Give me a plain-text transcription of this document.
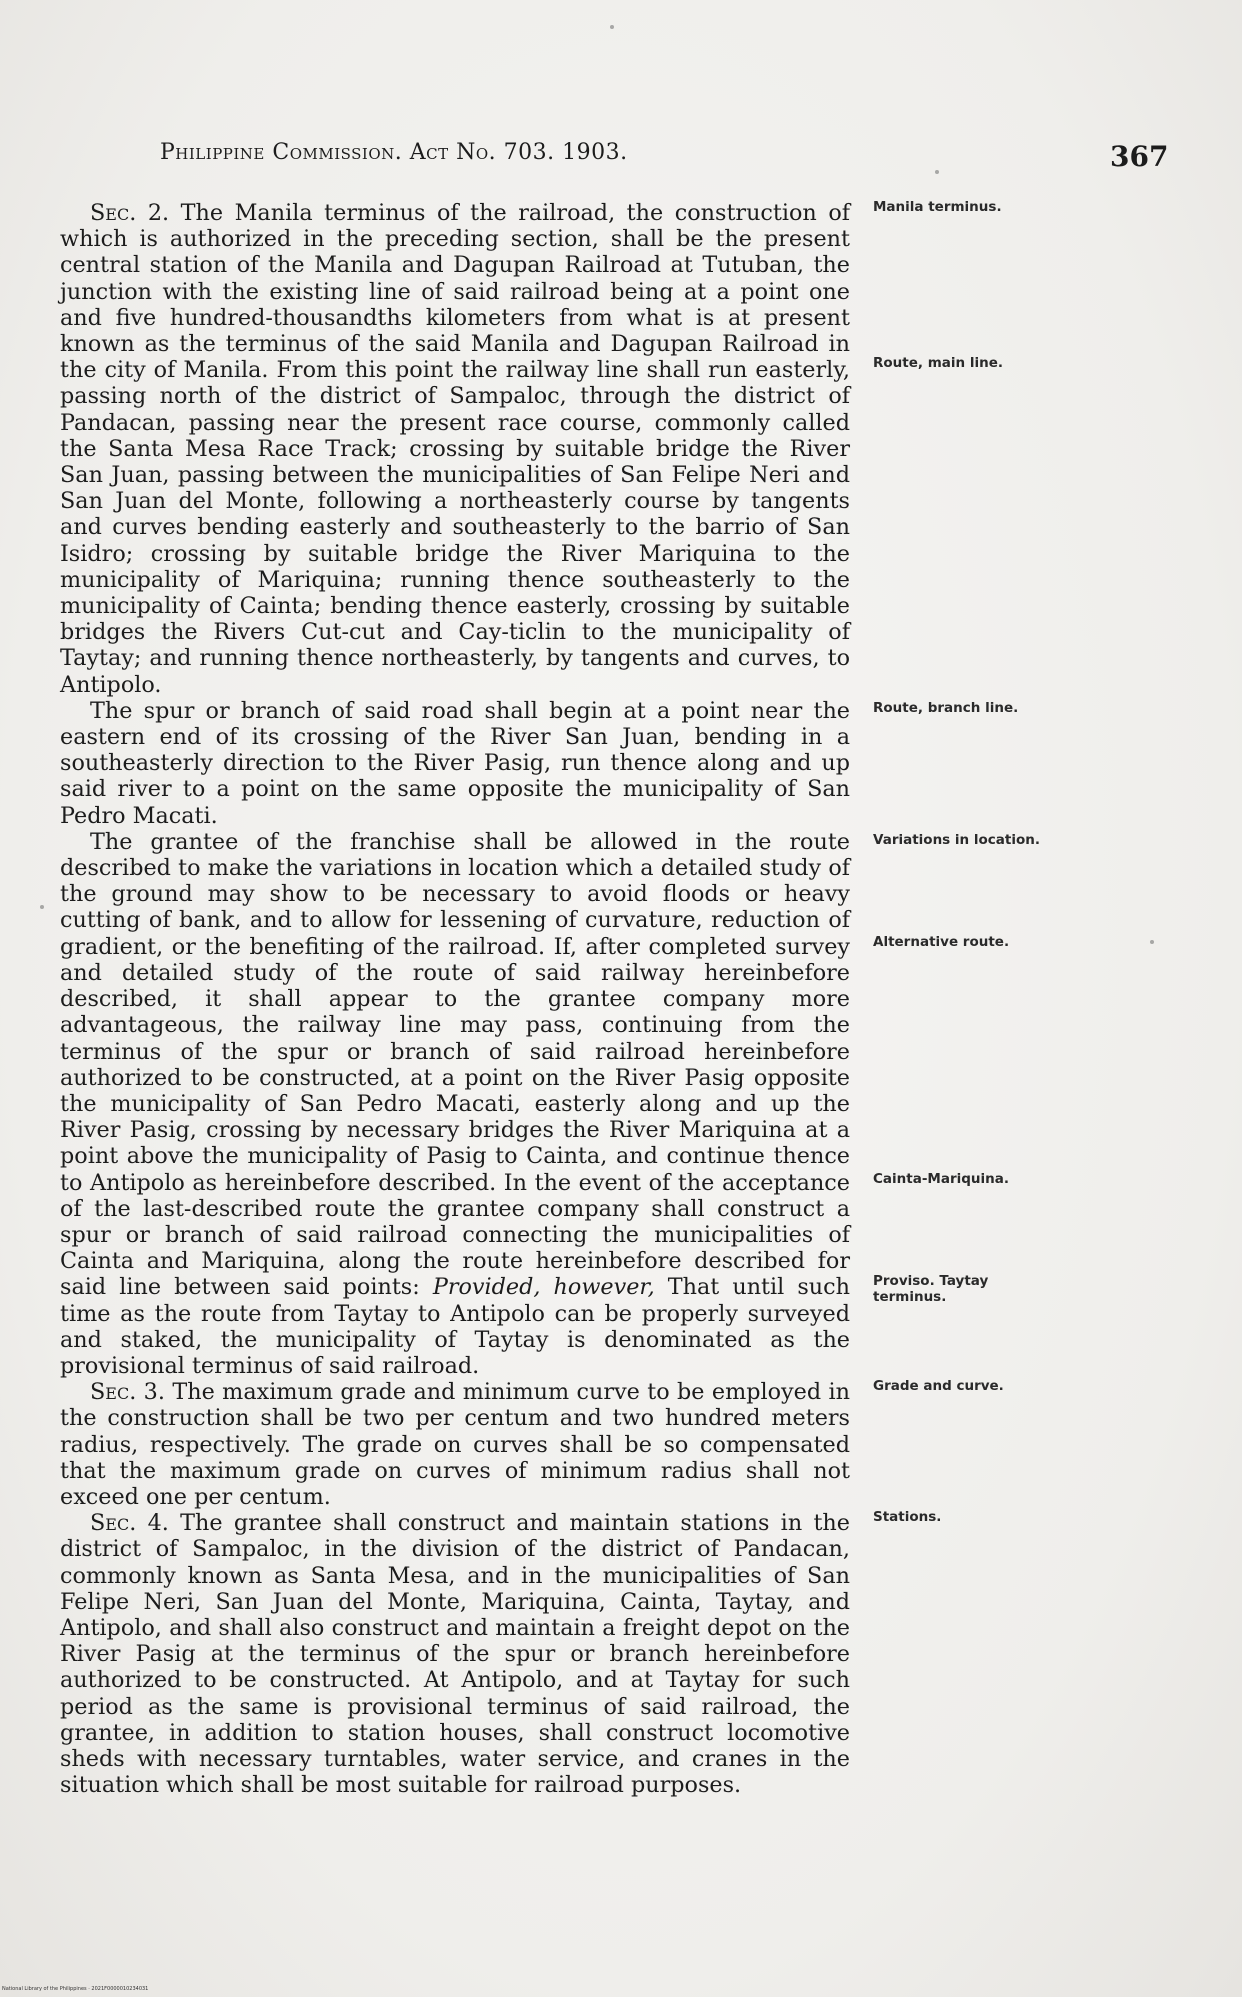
Philippine Commission. Act No. 703. 1903.	367

Sec. 2. The Manila terminus of the railroad, the construction of which is authorized in the preceding section, shall be the present central station of the Manila and Dagupan Railroad at Tutuban, the junction with the existing line of said railroad being at a point one and five hundred-thousandths kilometers from what is at present known as the terminus of the said Manila and Dagupan Railroad in the city of Manila. From this point the railway line shall run easterly, passing north of the district of Sampaloc, through the district of Pandacan, passing near the present race course, commonly called the Santa Mesa Race Track; crossing by suitable bridge the River San Juan, passing between the municipalities of San Felipe Neri and San Juan del Monte, following a northeasterly course by tangents and curves bending easterly and southeasterly to the barrio of San Isidro; crossing by suitable bridge the River Mariquina to the municipality of Mariquina; running thence southeasterly to the municipality of Cainta; bending thence easterly, crossing by suitable bridges the Rivers Cut-cut and Cay-ticlin to the municipality of Taytay; and running thence northeasterly, by tangents and curves, to Antipolo.

The spur or branch of said road shall begin at a point near the eastern end of its crossing of the River San Juan, bending in a southeasterly direction to the River Pasig, run thence along and up said river to a point on the same opposite the municipality of San Pedro Macati.

The grantee of the franchise shall be allowed in the route described to make the variations in location which a detailed study of the ground may show to be necessary to avoid floods or heavy cutting of bank, and to allow for lessening of curvature, reduction of gradient, or the benefiting of the railroad. If, after completed survey and detailed study of the route of said railway hereinbefore described, it shall appear to the grantee company more advantageous, the railway line may pass, continuing from the terminus of the spur or branch of said railroad hereinbefore authorized to be constructed, at a point on the River Pasig opposite the municipality of San Pedro Macati, easterly along and up the River Pasig, crossing by necessary bridges the River Mariquina at a point above the municipality of Pasig to Cainta, and continue thence to Antipolo as hereinbefore described. In the event of the acceptance of the last-described route the grantee company shall construct a spur or branch of said railroad connecting the municipalities of Cainta and Mariquina, along the route hereinbefore described for said line between said points: Provided, however, That until such time as the route from Taytay to Antipolo can be properly surveyed and staked, the municipality of Taytay is denominated as the provisional terminus of said railroad.

Sec. 3. The maximum grade and minimum curve to be employed in the construction shall be two per centum and two hundred meters radius, respectively. The grade on curves shall be so compensated that the maximum grade on curves of minimum radius shall not exceed one per centum.

Sec. 4. The grantee shall construct and maintain stations in the district of Sampaloc, in the division of the district of Pandacan, commonly known as Santa Mesa, and in the municipalities of San Felipe Neri, San Juan del Monte, Mariquina, Cainta, Taytay, and Antipolo, and shall also construct and maintain a freight depot on the River Pasig at the terminus of the spur or branch hereinbefore authorized to be constructed. At Antipolo, and at Taytay for such period as the same is provisional terminus of said railroad, the grantee, in addition to station houses, shall construct locomotive sheds with necessary turntables, water service, and cranes in the situation which shall be most suitable for railroad purposes.

Manila terminus.
Route, main line.
Route, branch line.
Variations in location.
Alternative route.
Cainta-Mariquina.
Proviso. Taytay terminus.
Grade and curve.
Stations.
National Library of the Philippines · 2021F0000010234031
